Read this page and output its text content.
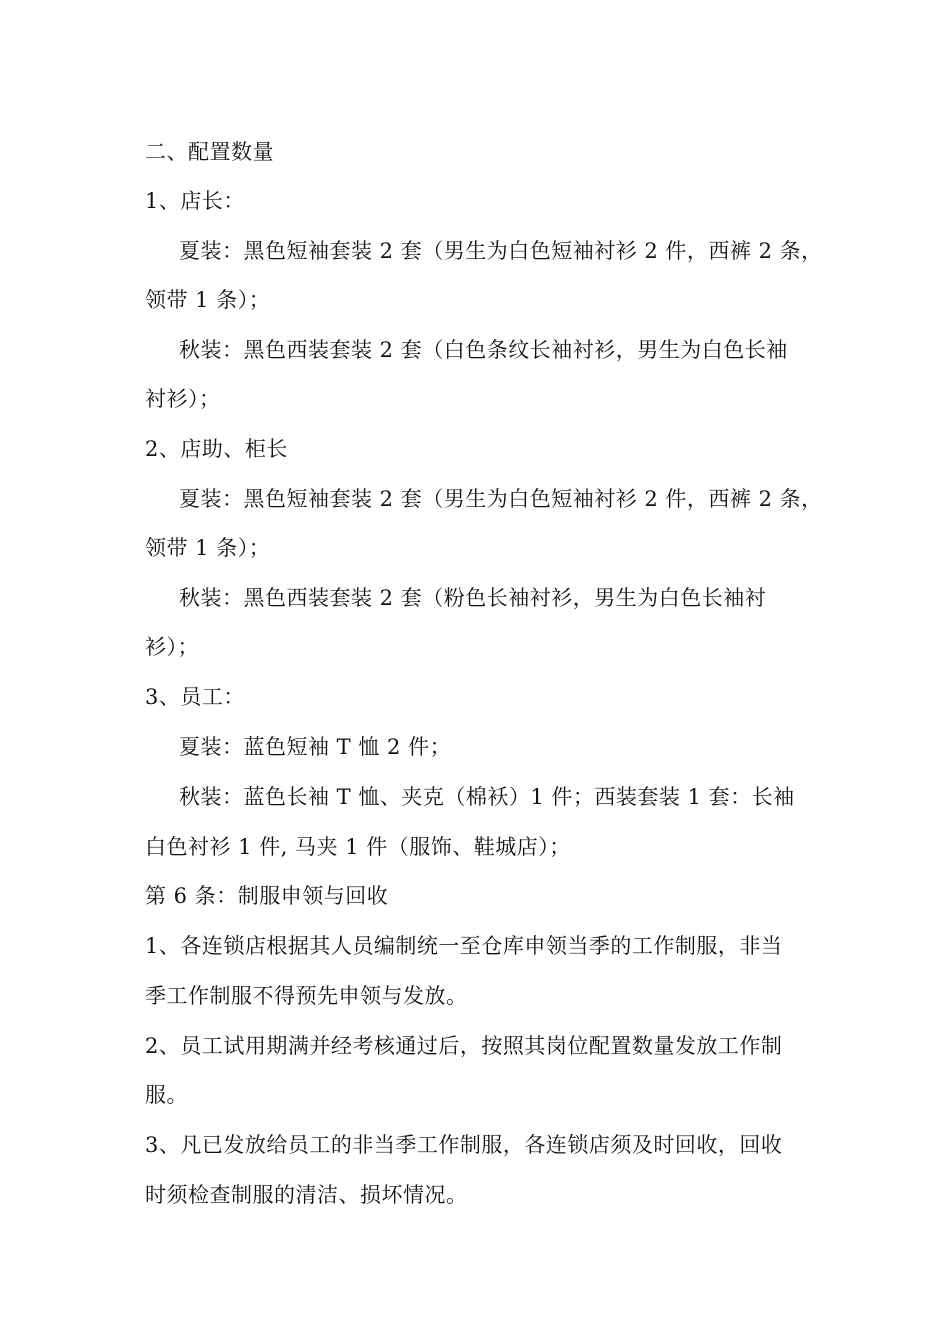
二、配置数量
1、店长：
夏装：黑色短袖套装 2 套（男生为白色短袖衬衫 2 件，西裤 2 条，
领带 1 条）；
秋装：黑色西装套装 2 套（白色条纹长袖衬衫，男生为白色长袖
衬衫）；
2、店助、柜长
夏装：黑色短袖套装 2 套（男生为白色短袖衬衫 2 件，西裤 2 条，
领带 1 条）；
秋装：黑色西装套装 2 套（粉色长袖衬衫，男生为白色长袖衬
衫）；
3、员工：
夏装：蓝色短袖 T 恤 2 件；
秋装：蓝色长袖 T 恤、夹克（棉袄）1 件；西装套装 1 套：长袖
白色衬衫 1 件, 马夹 1 件（服饰、鞋城店）；
第 6 条：制服申领与回收
1、各连锁店根据其人员编制统一至仓库申领当季的工作制服，非当
季工作制服不得预先申领与发放。
2、员工试用期满并经考核通过后，按照其岗位配置数量发放工作制
服。
3、凡已发放给员工的非当季工作制服，各连锁店须及时回收，回收
时须检查制服的清洁、损坏情况。
